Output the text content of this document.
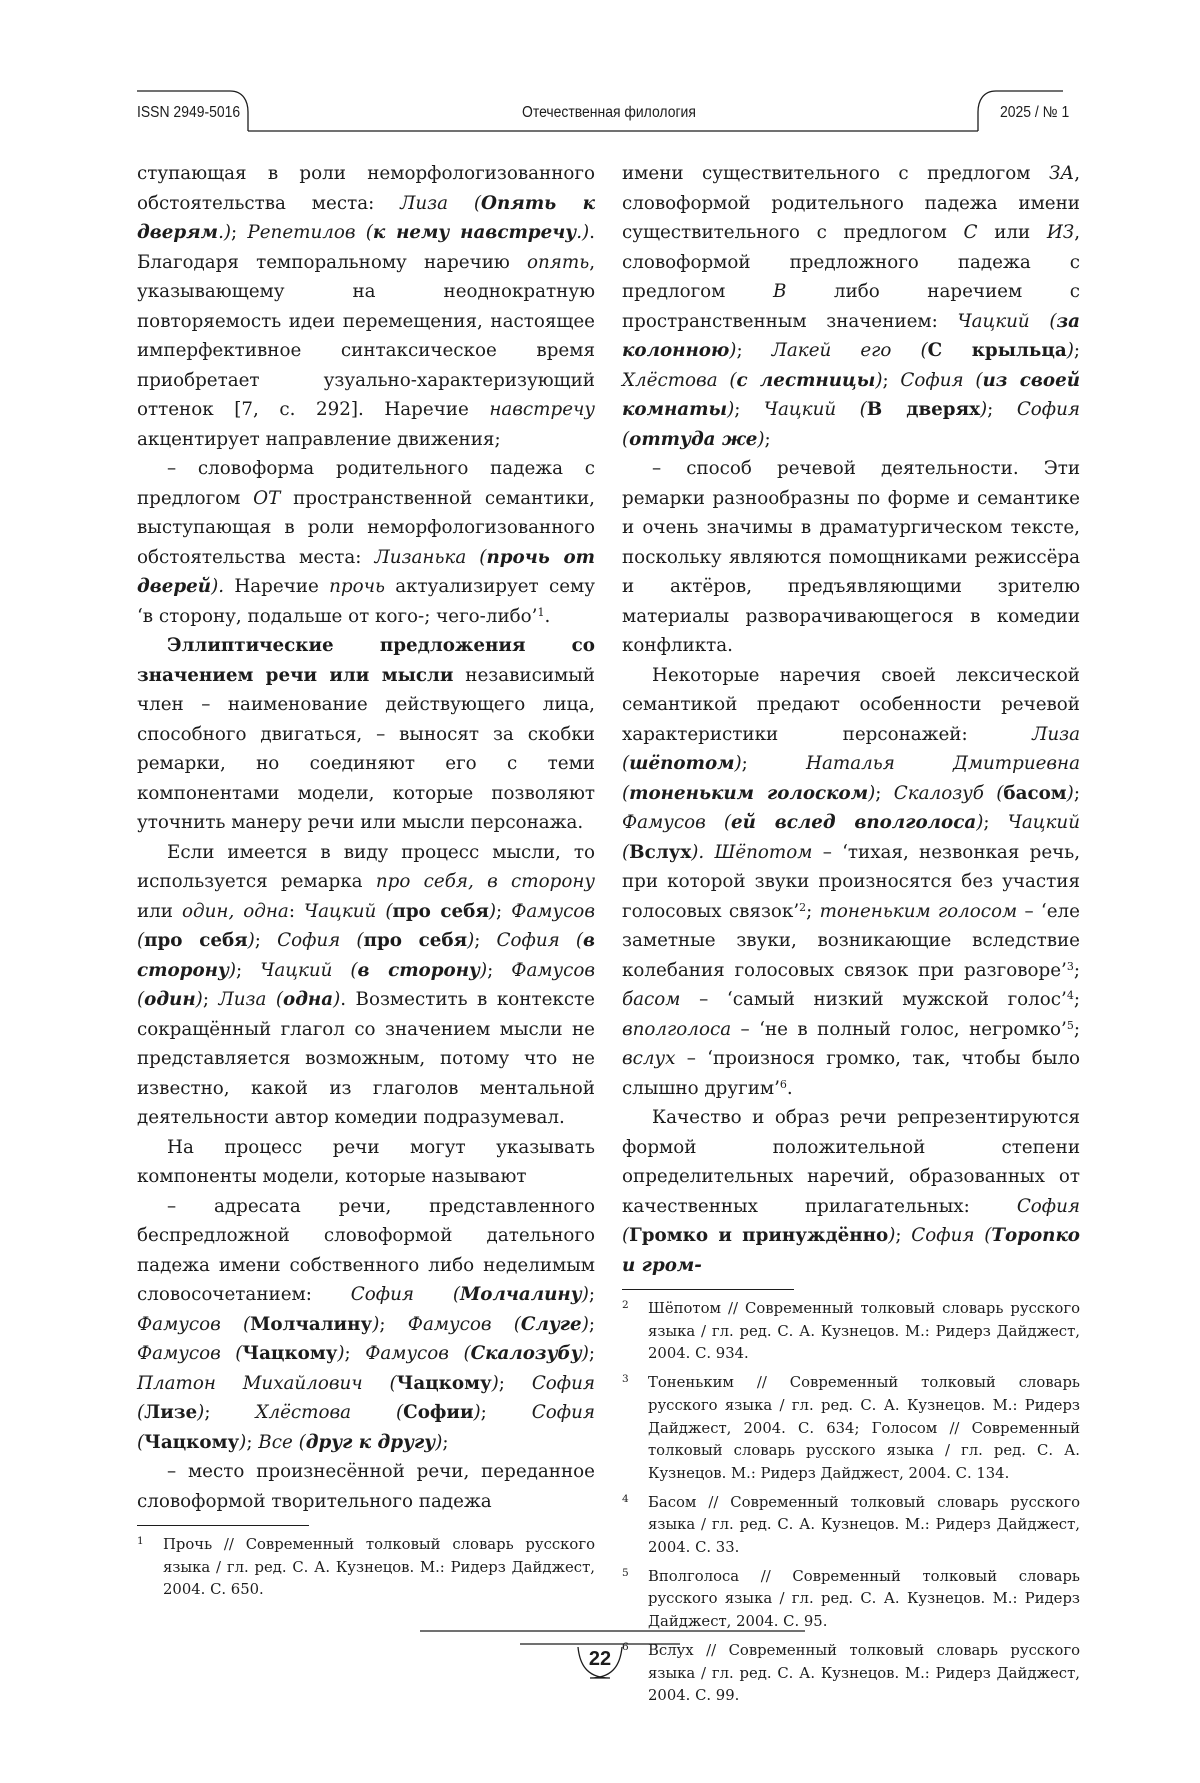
ISSN 2949-5016	Отечественная филология	2025 / № 1

ступающая в роли неморфологизованного обстоятельства места: Лиза (Опять к дверям.); Репетилов (к нему навстречу.). Благодаря темпоральному наречию опять, указывающему на неоднократную повторяемость идеи перемещения, настоящее имперфективное синтаксическое время приобретает узуально-характеризующий оттенок [7, с. 292]. Наречие навстречу акцентирует направление движения;

– словоформа родительного падежа с предлогом ОТ пространственной семантики, выступающая в роли неморфологизованного обстоятельства места: Лизанька (прочь от дверей). Наречие прочь актуализирует сему ‘в сторону, подальше от кого-; чего-либо’$^1$.

Эллиптические предложения со значением речи или мысли независимый член – наименование действующего лица, способного двигаться, – выносят за скобки ремарки, но соединяют его с теми компонентами модели, которые позволяют уточнить манеру речи или мысли персонажа.

Если имеется в виду процесс мысли, то используется ремарка про себя, в сторону или один, одна: Чацкий (про себя); Фамусов (про себя); София (про себя); София (в сторону); Чацкий (в сторону); Фамусов (один); Лиза (одна). Возместить в контексте сокращённый глагол со значением мысли не представляется возможным, потому что не известно, какой из глаголов ментальной деятельности автор комедии подразумевал.

На процесс речи могут указывать компоненты модели, которые называют

– адресата речи, представленного беспредложной словоформой дательного падежа имени собственного либо неделимым словосочетанием: София (Молчалину); Фамусов (Молчалину); Фамусов (Слуге); Фамусов (Чацкому); Фамусов (Скалозубу); Платон Михайлович (Чацкому); София (Лизе); Хлёстова (Софии); София (Чацкому); Все (друг к другу);

– место произнесённой речи, переданное словоформой творительного падежа

1 Прочь // Современный толковый словарь русского языка / гл. ред. С. А. Кузнецов. М.: Ридерз Дайджест, 2004. С. 650.

имени существительного с предлогом ЗА, словоформой родительного падежа имени существительного с предлогом С или ИЗ, словоформой предложного падежа с предлогом В либо наречием с пространственным значением: Чацкий (за колонною); Лакей его (С крыльца); Хлёстова (с лестницы); София (из своей комнаты); Чацкий (В дверях); София (оттуда же);

– способ речевой деятельности. Эти ремарки разнообразны по форме и семантике и очень значимы в драматургическом тексте, поскольку являются помощниками режиссёра и актёров, предъявляющими зрителю материалы разворачивающегося в комедии конфликта.

Некоторые наречия своей лексической семантикой предают особенности речевой характеристики персонажей: Лиза (шёпотом); Наталья Дмитриевна (тоненьким голоском); Скалозуб (басом); Фамусов (ей вслед вполголоса); Чацкий (Вслух). Шёпотом – ‘тихая, незвонкая речь, при которой звуки произносятся без участия голосовых связок’$^2$; тоненьким голосом – ‘еле заметные звуки, возникающие вследствие колебания голосовых связок при разговоре’$^3$; басом – ‘самый низкий мужской голос’$^4$; вполголоса – ‘не в полный голос, негромко’$^5$; вслух – ‘произнося громко, так, чтобы было слышно другим’$^6$.

Качество и образ речи репрезентируются формой положительной степени определительных наречий, образованных от качественных прилагательных: София (Громко и принуждённо); София (Торопко и гром-

2 Шёпотом // Современный толковый словарь русского языка / гл. ред. С. А. Кузнецов. М.: Ридерз Дайджест, 2004. С. 934.
3 Тоненьким // Современный толковый словарь русского языка / гл. ред. С. А. Кузнецов. М.: Ридерз Дайджест, 2004. С. 634; Голосом // Современный толковый словарь русского языка / гл. ред. С. А. Кузнецов. М.: Ридерз Дайджест, 2004. С. 134.
4 Басом // Современный толковый словарь русского языка / гл. ред. С. А. Кузнецов. М.: Ридерз Дайджест, 2004. С. 33.
5 Вполголоса // Современный толковый словарь русского языка / гл. ред. С. А. Кузнецов. М.: Ридерз Дайджест, 2004. С. 95.
6 Вслух // Современный толковый словарь русского языка / гл. ред. С. А. Кузнецов. М.: Ридерз Дайджест, 2004. С. 99.
22
